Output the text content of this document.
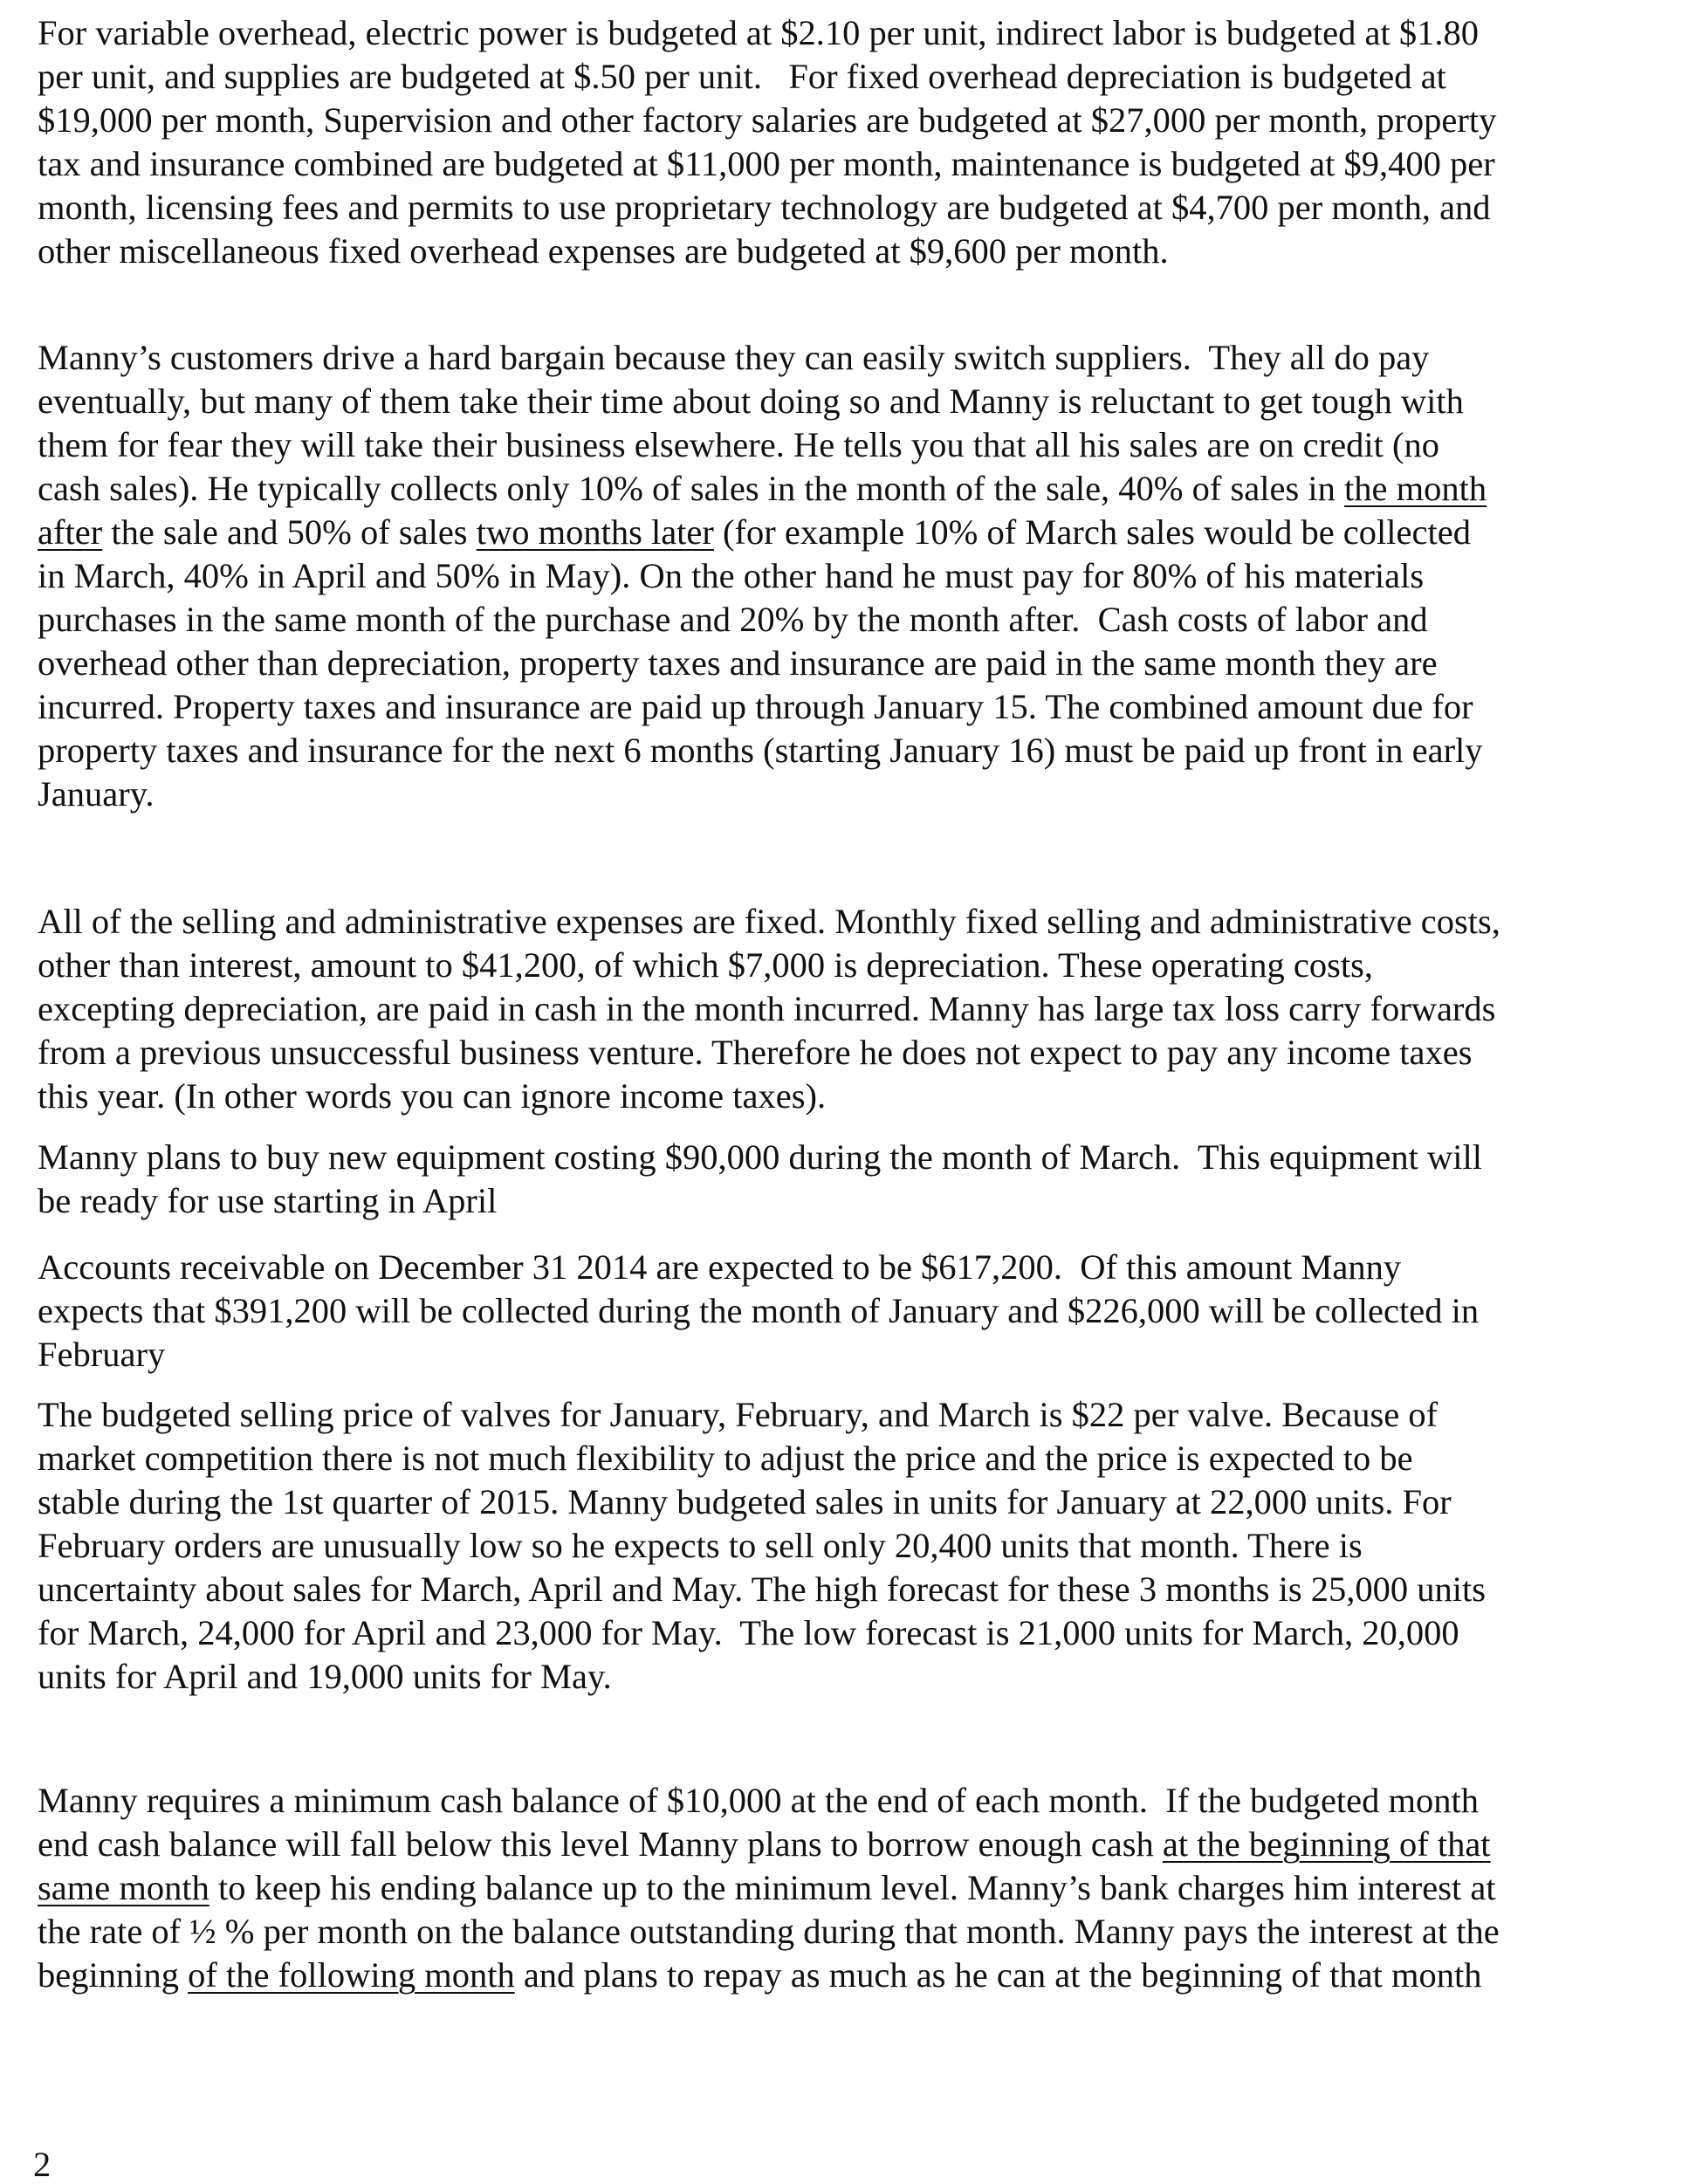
For variable overhead, electric power is budgeted at $2.10 per unit, indirect labor is budgeted at $1.80
per unit, and supplies are budgeted at $.50 per unit.   For fixed overhead depreciation is budgeted at
$19,000 per month, Supervision and other factory salaries are budgeted at $27,000 per month, property
tax and insurance combined are budgeted at $11,000 per month, maintenance is budgeted at $9,400 per
month, licensing fees and permits to use proprietary technology are budgeted at $4,700 per month, and
other miscellaneous fixed overhead expenses are budgeted at $9,600 per month.
Manny’s customers drive a hard bargain because they can easily switch suppliers.  They all do pay
eventually, but many of them take their time about doing so and Manny is reluctant to get tough with
them for fear they will take their business elsewhere. He tells you that all his sales are on credit (no
cash sales). He typically collects only 10% of sales in the month of the sale, 40% of sales in the month
after the sale and 50% of sales two months later (for example 10% of March sales would be collected
in March, 40% in April and 50% in May). On the other hand he must pay for 80% of his materials
purchases in the same month of the purchase and 20% by the month after.  Cash costs of labor and
overhead other than depreciation, property taxes and insurance are paid in the same month they are
incurred. Property taxes and insurance are paid up through January 15. The combined amount due for
property taxes and insurance for the next 6 months (starting January 16) must be paid up front in early
January.
All of the selling and administrative expenses are fixed. Monthly fixed selling and administrative costs,
other than interest, amount to $41,200, of which $7,000 is depreciation. These operating costs,
excepting depreciation, are paid in cash in the month incurred. Manny has large tax loss carry forwards
from a previous unsuccessful business venture. Therefore he does not expect to pay any income taxes
this year. (In other words you can ignore income taxes).
Manny plans to buy new equipment costing $90,000 during the month of March.  This equipment will
be ready for use starting in April
Accounts receivable on December 31 2014 are expected to be $617,200.  Of this amount Manny
expects that $391,200 will be collected during the month of January and $226,000 will be collected in
February
The budgeted selling price of valves for January, February, and March is $22 per valve. Because of
market competition there is not much flexibility to adjust the price and the price is expected to be
stable during the 1st quarter of 2015. Manny budgeted sales in units for January at 22,000 units. For
February orders are unusually low so he expects to sell only 20,400 units that month. There is
uncertainty about sales for March, April and May. The high forecast for these 3 months is 25,000 units
for March, 24,000 for April and 23,000 for May.  The low forecast is 21,000 units for March, 20,000
units for April and 19,000 units for May.
Manny requires a minimum cash balance of $10,000 at the end of each month.  If the budgeted month
end cash balance will fall below this level Manny plans to borrow enough cash at the beginning of that
same month to keep his ending balance up to the minimum level. Manny’s bank charges him interest at
the rate of ½ % per month on the balance outstanding during that month. Manny pays the interest at the
beginning of the following month and plans to repay as much as he can at the beginning of that month
2
